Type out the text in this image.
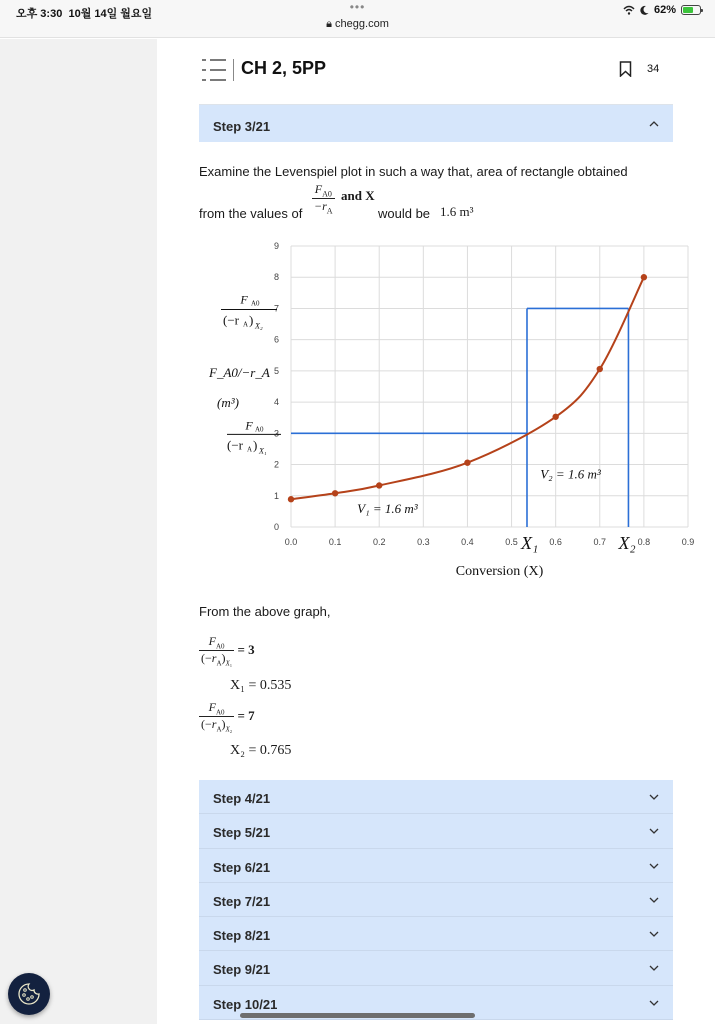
오후 3:30 10월 14일 월요일	•••
🔒︎ chegg.com
62%
CH 2, 5PP	34
Step 3/21
Examine the Levenspiel plot in such a way that, area of rectangle obtained
from the values of $\frac{F_{A0}}{-r_A}$ and X
would be 1.6 m³
0.0	0.1	0.2	0.3	0.4	0.5	0.6	0.7	0.8	0.9
0
1
2
3
4
5
6
7
8
9
V₁ = 1.6 m³
V₂ = 1.6 m³
X₁	X₂
Conversion (X)
F A0
(−r A ) X₂
F_A0/−r_A
(m³)
F A0
(−r A ) X₁
From the above graph,
$\frac{F_{A0}}{(-r_A)_{X_1}} = 3$
X₁ = 0.535
$\frac{F_{A0}}{(-r_A)_{X_2}} = 7$
X₂ = 0.765
Step 4/21
Step 5/21
Step 6/21
Step 7/21
Step 8/21
Step 9/21
Step 10/21
